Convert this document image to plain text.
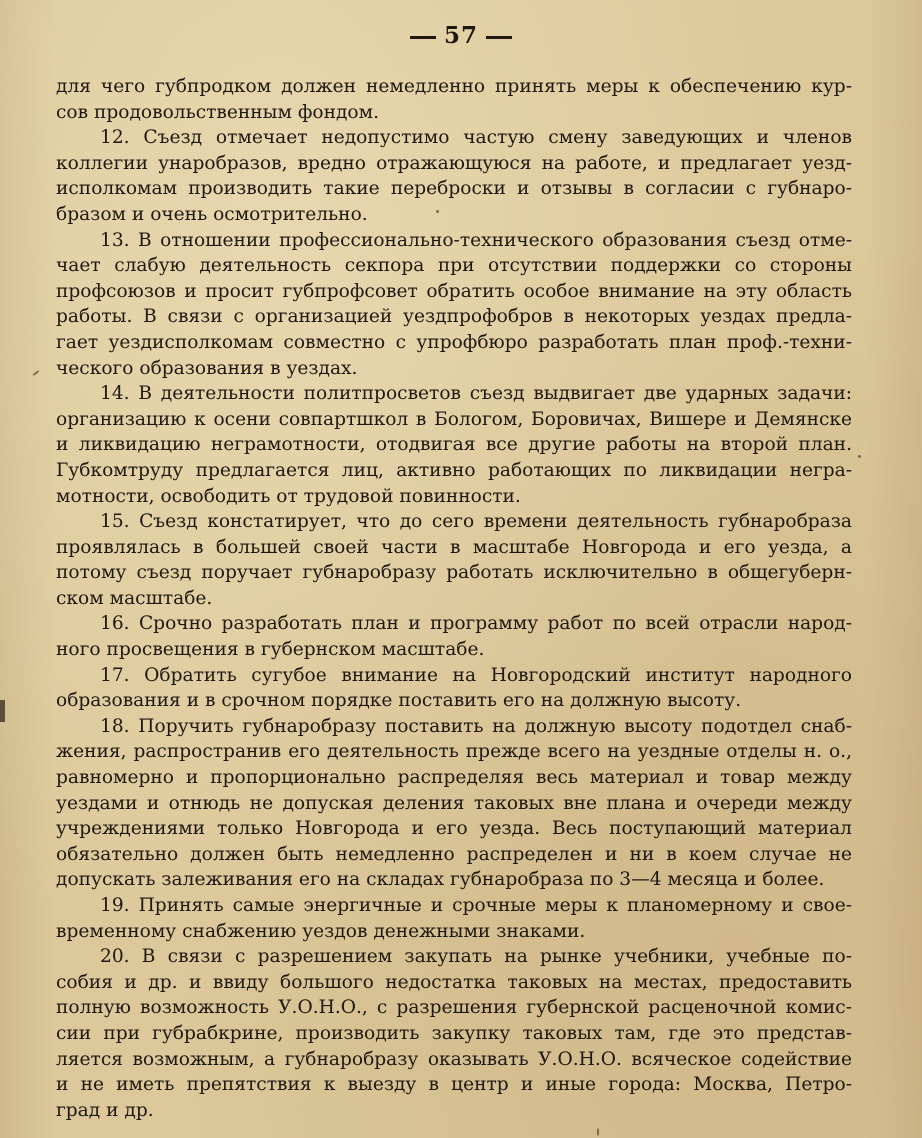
57
для чего губпродком должен немедленно принять меры к обеспечению кур-
сов продовольственным фондом.
12. Съезд отмечает недопустимо частую смену заведующих и членов
коллегии унаробразов, вредно отражающуюся на работе, и предлагает уезд-
исполкомам производить такие переброски и отзывы в согласии с губнаро-
бразом и очень осмотрительно.
13. В отношении профессионально-технического образования съезд отме-
чает слабую деятельность секпора при отсутствии поддержки со стороны
профсоюзов и просит губпрофсовет обратить особое внимание на эту область
работы. В связи с организацией уездпрофобров в некоторых уездах предла-
гает уездисполкомам совместно с упрофбюро разработать план проф.-техни-
ческого образования в уездах.
14. В деятельности политпросветов съезд выдвигает две ударных задачи:
организацию к осени совпартшкол в Бологом, Боровичах, Вишере и Демянске
и ликвидацию неграмотности, отодвигая все другие работы на второй план.
Губкомтруду предлагается лиц, активно работающих по ликвидации негра-
мотности, освободить от трудовой повинности.
15. Съезд констатирует, что до сего времени деятельность губнаробраза
проявлялась в большей своей части в масштабе Новгорода и его уезда, а
потому съезд поручает губнаробразу работать исключительно в общегуберн-
ском масштабе.
16. Срочно разработать план и программу работ по всей отрасли народ-
ного просвещения в губернском масштабе.
17. Обратить сугубое внимание на Новгородский институт народного
образования и в срочном порядке поставить его на должную высоту.
18. Поручить губнаробразу поставить на должную высоту подотдел снаб-
жения, распространив его деятельность прежде всего на уездные отделы н. о.,
равномерно и пропорционально распределяя весь материал и товар между
уездами и отнюдь не допуская деления таковых вне плана и очереди между
учреждениями только Новгорода и его уезда. Весь поступающий материал
обязательно должен быть немедленно распределен и ни в коем случае не
допускать залеживания его на складах губнаробраза по 3—4 месяца и более.
19. Принять самые энергичные и срочные меры к планомерному и свое-
временному снабжению уездов денежными знаками.
20. В связи с разрешением закупать на рынке учебники, учебные по-
собия и др. и ввиду большого недостатка таковых на местах, предоставить
полную возможность У.О.Н.О., с разрешения губернской расценочной комис-
сии при губрабкрине, производить закупку таковых там, где это представ-
ляется возможным, а губнаробразу оказывать У.О.Н.О. всяческое содействие
и не иметь препятствия к выезду в центр и иные города: Москва, Петро-
град и др.
